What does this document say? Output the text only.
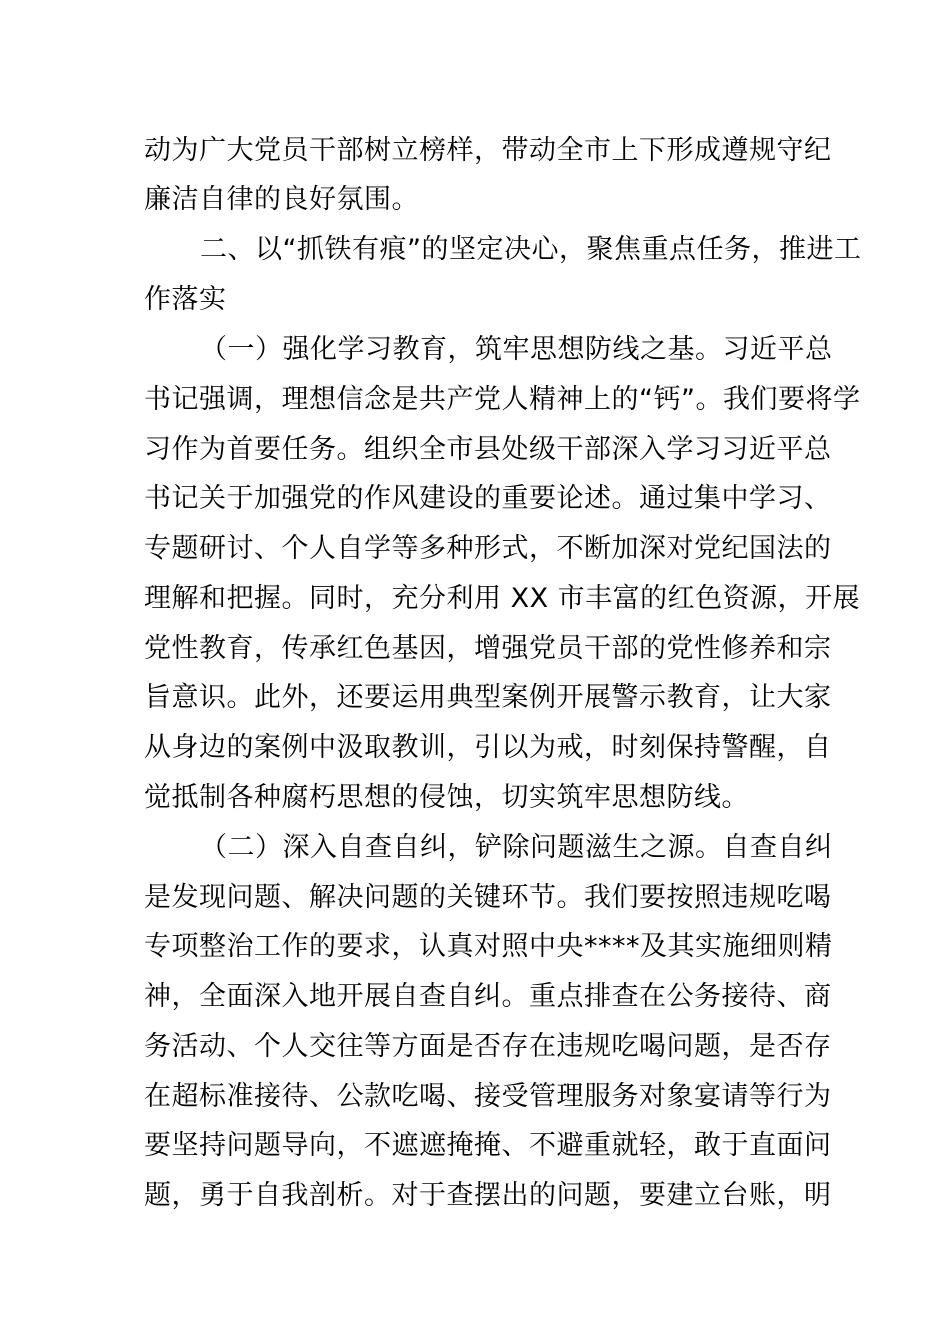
动为广大党员干部树立榜样，带动全市上下形成遵规守纪
廉洁自律的良好氛围。
二、以“抓铁有痕”的坚定决心，聚焦重点任务，推进工
作落实
（一）强化学习教育，筑牢思想防线之基。习近平总
书记强调，理想信念是共产党人精神上的“钙”。我们要将学
习作为首要任务。组织全市县处级干部深入学习习近平总
书记关于加强党的作风建设的重要论述。通过集中学习、
专题研讨、个人自学等多种形式，不断加深对党纪国法的
理解和把握。同时，充分利用 XX 市丰富的红色资源，开展
党性教育，传承红色基因，增强党员干部的党性修养和宗
旨意识。此外，还要运用典型案例开展警示教育，让大家
从身边的案例中汲取教训，引以为戒，时刻保持警醒，自
觉抵制各种腐朽思想的侵蚀，切实筑牢思想防线。
（二）深入自查自纠，铲除问题滋生之源。自查自纠
是发现问题、解决问题的关键环节。我们要按照违规吃喝
专项整治工作的要求，认真对照中央****及其实施细则精
神，全面深入地开展自查自纠。重点排查在公务接待、商
务活动、个人交往等方面是否存在违规吃喝问题，是否存
在超标准接待、公款吃喝、接受管理服务对象宴请等行为
要坚持问题导向，不遮遮掩掩、不避重就轻，敢于直面问
题，勇于自我剖析。对于查摆出的问题，要建立台账，明
